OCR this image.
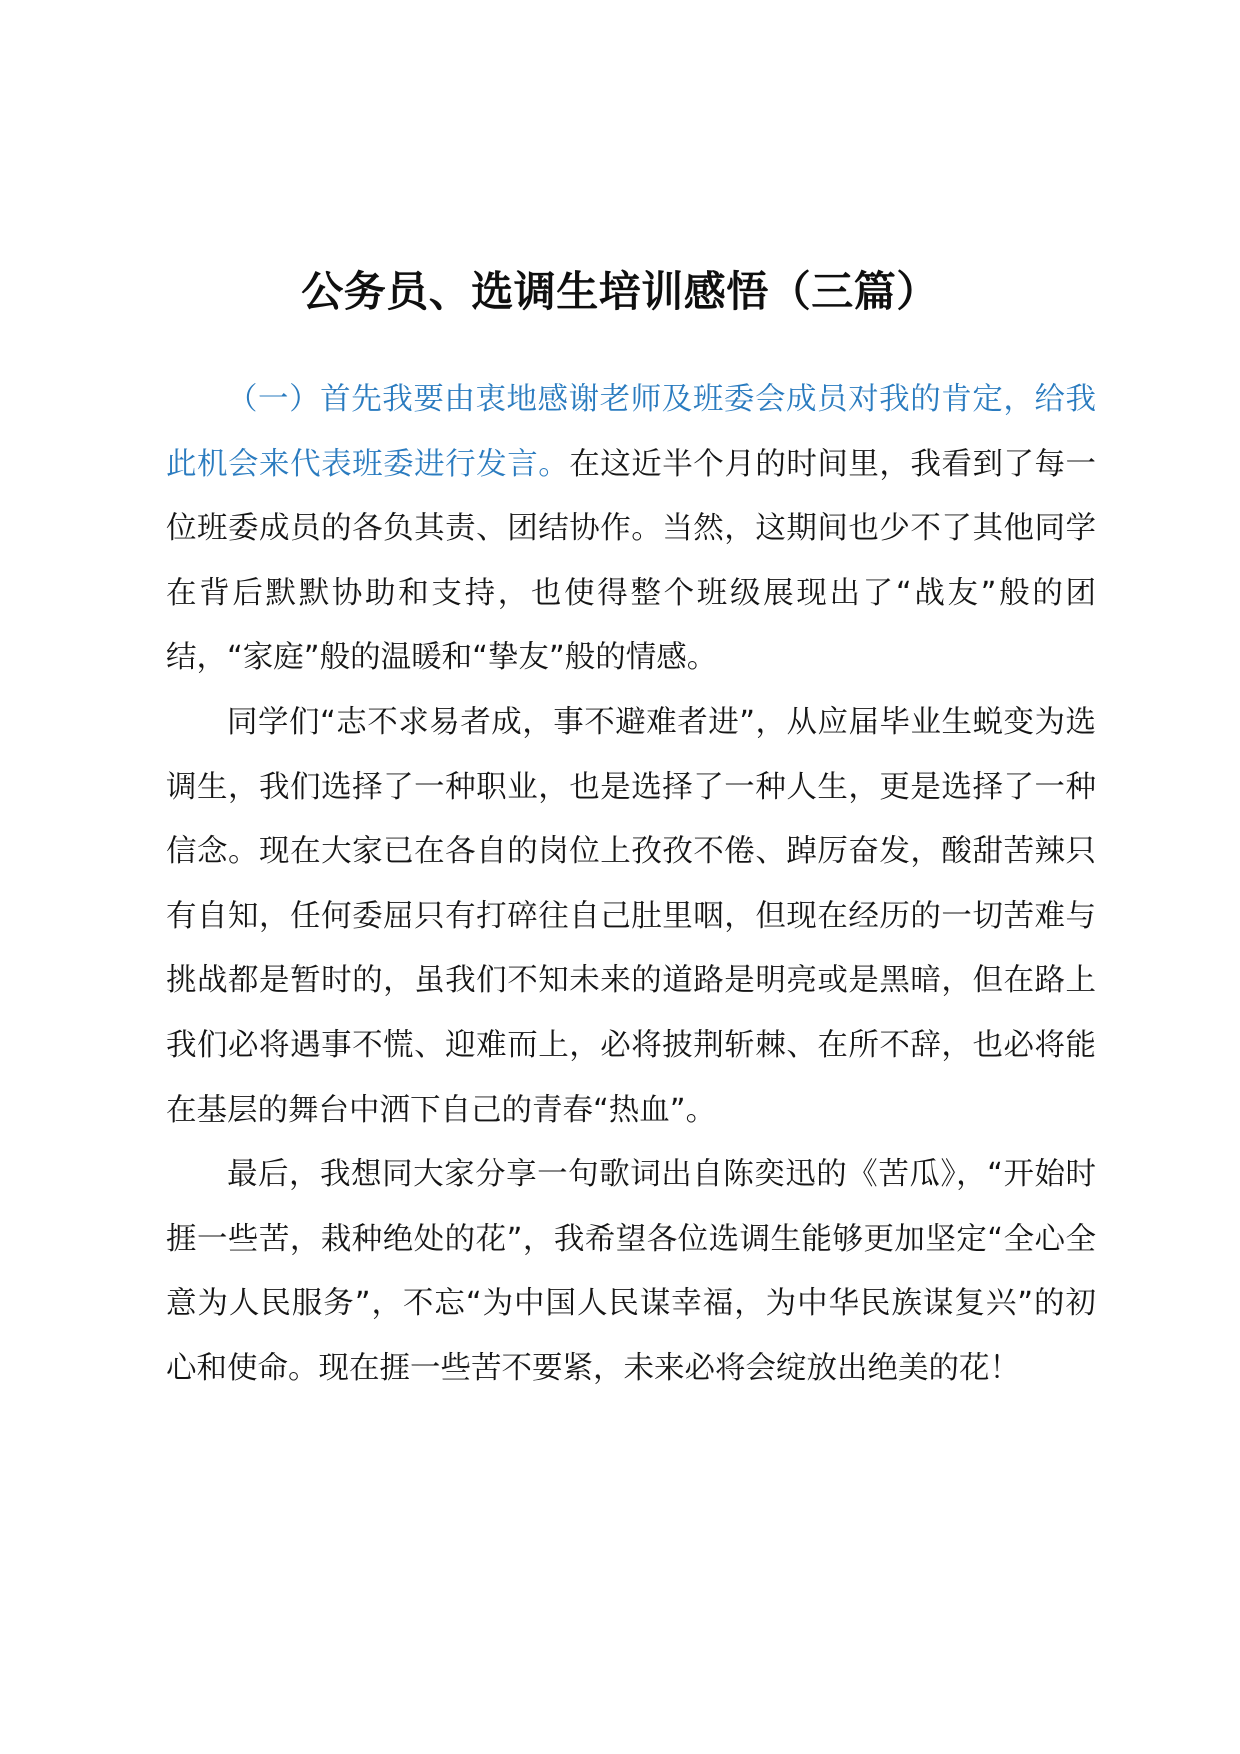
公务员、选调生培训感悟（三篇）

（一）首先我要由衷地感谢老师及班委会成员对我的肯定，给我此机会来代表班委进行发言。在这近半个月的时间里，我看到了每一位班委成员的各负其责、团结协作。当然，这期间也少不了其他同学在背后默默协助和支持，也使得整个班级展现出了“战友”般的团结，“家庭”般的温暖和“挚友”般的情感。

同学们“志不求易者成，事不避难者进”，从应届毕业生蜕变为选调生，我们选择了一种职业，也是选择了一种人生，更是选择了一种信念。现在大家已在各自的岗位上孜孜不倦、踔厉奋发，酸甜苦辣只有自知，任何委屈只有打碎往自己肚里咽，但现在经历的一切苦难与挑战都是暂时的，虽我们不知未来的道路是明亮或是黑暗，但在路上我们必将遇事不慌、迎难而上，必将披荆斩棘、在所不辞，也必将能在基层的舞台中洒下自己的青春“热血”。

最后，我想同大家分享一句歌词出自陈奕迅的《苦瓜》，“开始时捱一些苦，栽种绝处的花”，我希望各位选调生能够更加坚定“全心全意为人民服务”，不忘“为中国人民谋幸福，为中华民族谋复兴”的初心和使命。现在捱一些苦不要紧，未来必将会绽放出绝美的花！
